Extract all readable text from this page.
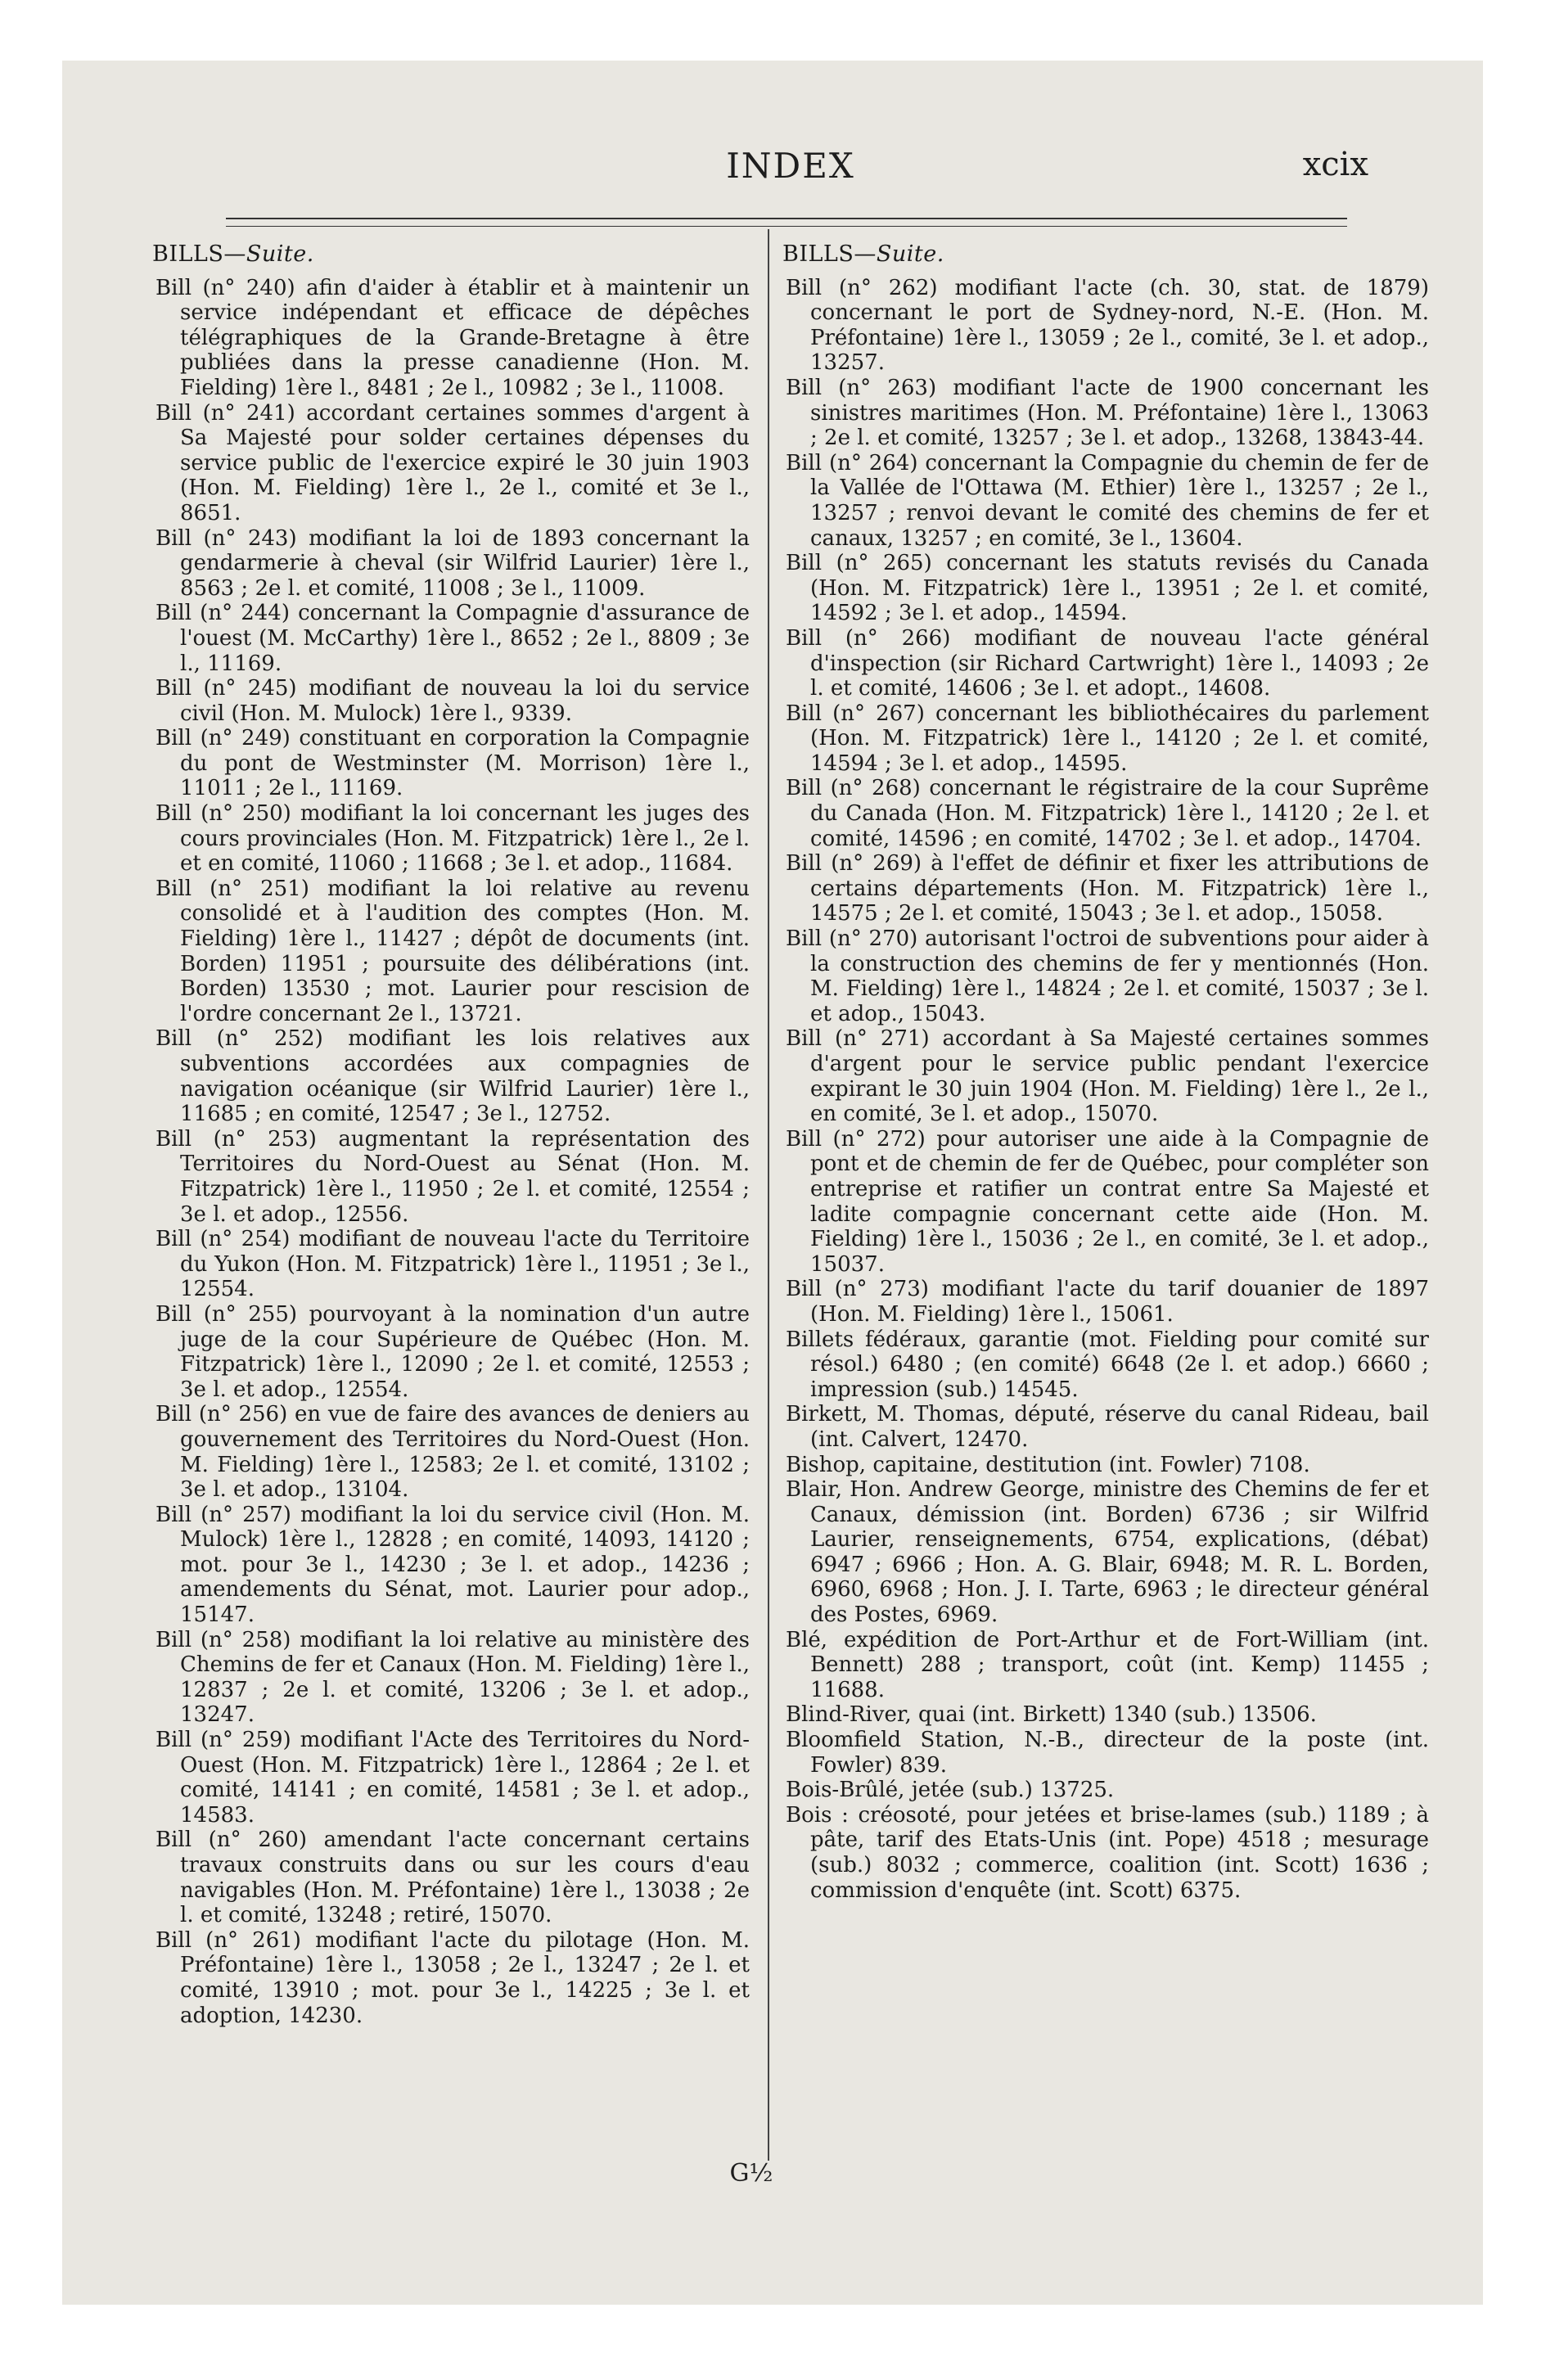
INDEX	xcix
BILLS—Suite.

Bill (n° 240) afin d'aider à établir et à maintenir un service indépendant et efficace de dépêches télégraphiques de la Grande-Bretagne à être publiées dans la presse canadienne (Hon. M. Fielding) 1ère l., 8481 ; 2e l., 10982 ; 3e l., 11008.

Bill (n° 241) accordant certaines sommes d'argent à Sa Majesté pour solder certaines dépenses du service public de l'exercice expiré le 30 juin 1903 (Hon. M. Fielding) 1ère l., 2e l., comité et 3e l., 8651.

Bill (n° 243) modifiant la loi de 1893 concernant la gendarmerie à cheval (sir Wilfrid Laurier) 1ère l., 8563 ; 2e l. et comité, 11008 ; 3e l., 11009.

Bill (n° 244) concernant la Compagnie d'assurance de l'ouest (M. McCarthy) 1ère l., 8652 ; 2e l., 8809 ; 3e l., 11169.

Bill (n° 245) modifiant de nouveau la loi du service civil (Hon. M. Mulock) 1ère l., 9339.

Bill (n° 249) constituant en corporation la Compagnie du pont de Westminster (M. Morrison) 1ère l., 11011 ; 2e l., 11169.

Bill (n° 250) modifiant la loi concernant les juges des cours provinciales (Hon. M. Fitzpatrick) 1ère l., 2e l. et en comité, 11060 ; 11668 ; 3e l. et adop., 11684.

Bill (n° 251) modifiant la loi relative au revenu consolidé et à l'audition des comptes (Hon. M. Fielding) 1ère l., 11427 ; dépôt de documents (int. Borden) 11951 ; poursuite des délibérations (int. Borden) 13530 ; mot. Laurier pour rescision de l'ordre concernant 2e l., 13721.

Bill (n° 252) modifiant les lois relatives aux subventions accordées aux compagnies de navigation océanique (sir Wilfrid Laurier) 1ère l., 11685 ; en comité, 12547 ; 3e l., 12752.

Bill (n° 253) augmentant la représentation des Territoires du Nord-Ouest au Sénat (Hon. M. Fitzpatrick) 1ère l., 11950 ; 2e l. et comité, 12554 ; 3e l. et adop., 12556.

Bill (n° 254) modifiant de nouveau l'acte du Territoire du Yukon (Hon. M. Fitzpatrick) 1ère l., 11951 ; 3e l., 12554.

Bill (n° 255) pourvoyant à la nomination d'un autre juge de la cour Supérieure de Québec (Hon. M. Fitzpatrick) 1ère l., 12090 ; 2e l. et comité, 12553 ; 3e l. et adop., 12554.

Bill (n° 256) en vue de faire des avances de deniers au gouvernement des Territoires du Nord-Ouest (Hon. M. Fielding) 1ère l., 12583; 2e l. et comité, 13102 ; 3e l. et adop., 13104.

Bill (n° 257) modifiant la loi du service civil (Hon. M. Mulock) 1ère l., 12828 ; en comité, 14093, 14120 ; mot. pour 3e l., 14230 ; 3e l. et adop., 14236 ; amendements du Sénat, mot. Laurier pour adop., 15147.

Bill (n° 258) modifiant la loi relative au ministère des Chemins de fer et Canaux (Hon. M. Fielding) 1ère l., 12837 ; 2e l. et comité, 13206 ; 3e l. et adop., 13247.

Bill (n° 259) modifiant l'Acte des Territoires du Nord-Ouest (Hon. M. Fitzpatrick) 1ère l., 12864 ; 2e l. et comité, 14141 ; en comité, 14581 ; 3e l. et adop., 14583.

Bill (n° 260) amendant l'acte concernant certains travaux construits dans ou sur les cours d'eau navigables (Hon. M. Préfontaine) 1ère l., 13038 ; 2e l. et comité, 13248 ; retiré, 15070.

Bill (n° 261) modifiant l'acte du pilotage (Hon. M. Préfontaine) 1ère l., 13058 ; 2e l., 13247 ; 2e l. et comité, 13910 ; mot. pour 3e l., 14225 ; 3e l. et adoption, 14230.

BILLS—Suite.

Bill (n° 262) modifiant l'acte (ch. 30, stat. de 1879) concernant le port de Sydney-nord, N.-E. (Hon. M. Préfontaine) 1ère l., 13059 ; 2e l., comité, 3e l. et adop., 13257.

Bill (n° 263) modifiant l'acte de 1900 concernant les sinistres maritimes (Hon. M. Préfontaine) 1ère l., 13063 ; 2e l. et comité, 13257 ; 3e l. et adop., 13268, 13843-44.

Bill (n° 264) concernant la Compagnie du chemin de fer de la Vallée de l'Ottawa (M. Ethier) 1ère l., 13257 ; 2e l., 13257 ; renvoi devant le comité des chemins de fer et canaux, 13257 ; en comité, 3e l., 13604.

Bill (n° 265) concernant les statuts revisés du Canada (Hon. M. Fitzpatrick) 1ère l., 13951 ; 2e l. et comité, 14592 ; 3e l. et adop., 14594.

Bill (n° 266) modifiant de nouveau l'acte général d'inspection (sir Richard Cartwright) 1ère l., 14093 ; 2e l. et comité, 14606 ; 3e l. et adopt., 14608.

Bill (n° 267) concernant les bibliothécaires du parlement (Hon. M. Fitzpatrick) 1ère l., 14120 ; 2e l. et comité, 14594 ; 3e l. et adop., 14595.

Bill (n° 268) concernant le régistraire de la cour Suprême du Canada (Hon. M. Fitzpatrick) 1ère l., 14120 ; 2e l. et comité, 14596 ; en comité, 14702 ; 3e l. et adop., 14704.

Bill (n° 269) à l'effet de définir et fixer les attributions de certains départements (Hon. M. Fitzpatrick) 1ère l., 14575 ; 2e l. et comité, 15043 ; 3e l. et adop., 15058.

Bill (n° 270) autorisant l'octroi de subventions pour aider à la construction des chemins de fer y mentionnés (Hon. M. Fielding) 1ère l., 14824 ; 2e l. et comité, 15037 ; 3e l. et adop., 15043.

Bill (n° 271) accordant à Sa Majesté certaines sommes d'argent pour le service public pendant l'exercice expirant le 30 juin 1904 (Hon. M. Fielding) 1ère l., 2e l., en comité, 3e l. et adop., 15070.

Bill (n° 272) pour autoriser une aide à la Compagnie de pont et de chemin de fer de Québec, pour compléter son entreprise et ratifier un contrat entre Sa Majesté et ladite compagnie concernant cette aide (Hon. M. Fielding) 1ère l., 15036 ; 2e l., en comité, 3e l. et adop., 15037.

Bill (n° 273) modifiant l'acte du tarif douanier de 1897 (Hon. M. Fielding) 1ère l., 15061.

Billets fédéraux, garantie (mot. Fielding pour comité sur résol.) 6480 ; (en comité) 6648 (2e l. et adop.) 6660 ; impression (sub.) 14545.

Birkett, M. Thomas, député, réserve du canal Rideau, bail (int. Calvert, 12470.

Bishop, capitaine, destitution (int. Fowler) 7108.

Blair, Hon. Andrew George, ministre des Chemins de fer et Canaux, démission (int. Borden) 6736 ; sir Wilfrid Laurier, renseignements, 6754, explications, (débat) 6947 ; 6966 ; Hon. A. G. Blair, 6948; M. R. L. Borden, 6960, 6968 ; Hon. J. I. Tarte, 6963 ; le directeur général des Postes, 6969.

Blé, expédition de Port-Arthur et de Fort-William (int. Bennett) 288 ; transport, coût (int. Kemp) 11455 ; 11688.

Blind-River, quai (int. Birkett) 1340 (sub.) 13506.

Bloomfield Station, N.-B., directeur de la poste (int. Fowler) 839.

Bois-Brûlé, jetée (sub.) 13725.

Bois : créosoté, pour jetées et brise-lames (sub.) 1189 ; à pâte, tarif des Etats-Unis (int. Pope) 4518 ; mesurage (sub.) 8032 ; commerce, coalition (int. Scott) 1636 ; commission d'enquête (int. Scott) 6375.

G½
